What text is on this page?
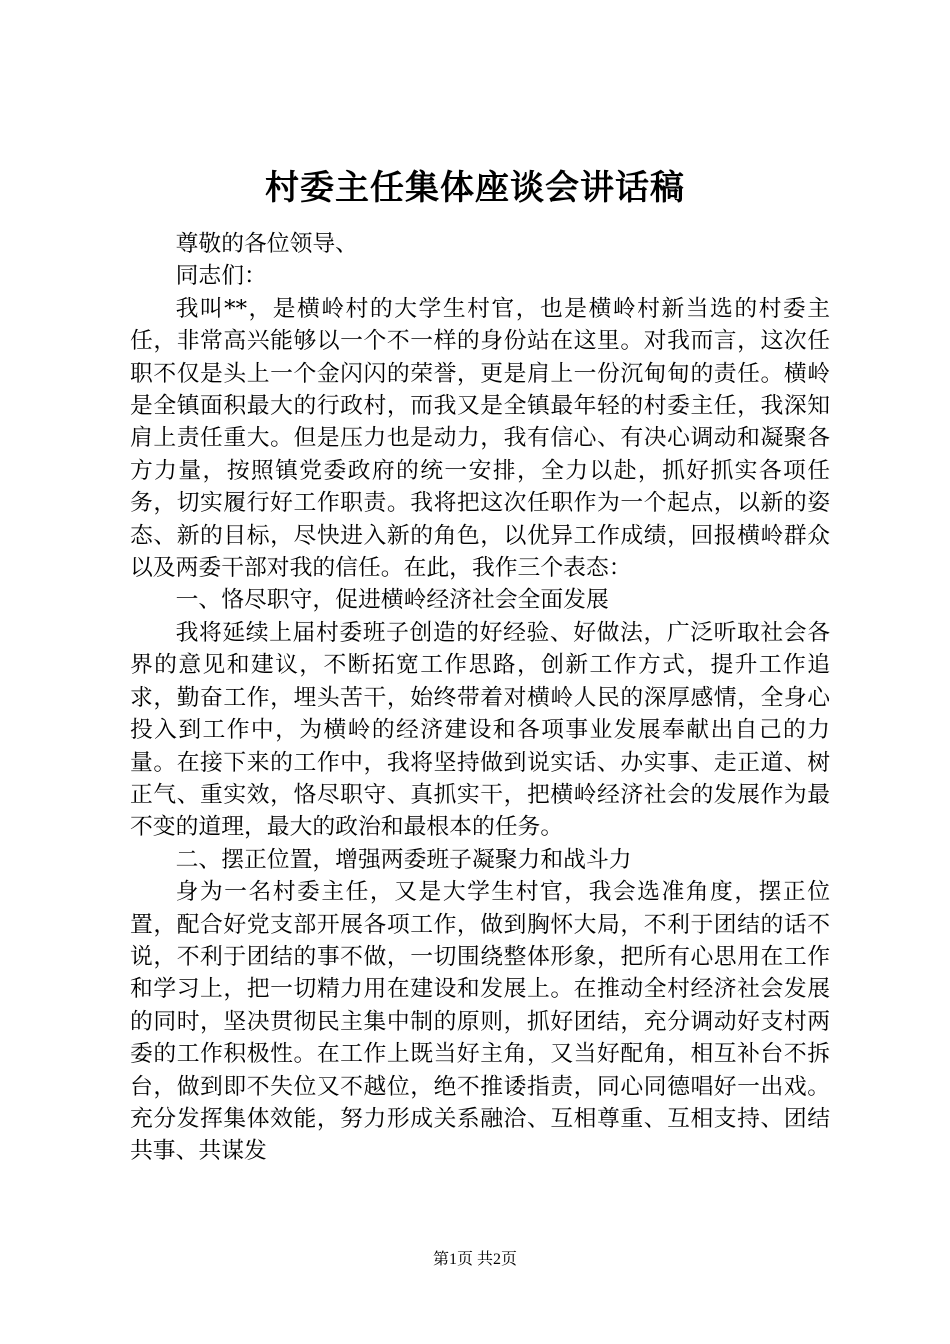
村委主任集体座谈会讲话稿

尊敬的各位领导、

同志们：

我叫**，是横岭村的大学生村官，也是横岭村新当选的村委主任，非常高兴能够以一个不一样的身份站在这里。对我而言，这次任职不仅是头上一个金闪闪的荣誉，更是肩上一份沉甸甸的责任。横岭是全镇面积最大的行政村，而我又是全镇最年轻的村委主任，我深知肩上责任重大。但是压力也是动力，我有信心、有决心调动和凝聚各方力量，按照镇党委政府的统一安排，全力以赴，抓好抓实各项任务，切实履行好工作职责。我将把这次任职作为一个起点，以新的姿态、新的目标，尽快进入新的角色，以优异工作成绩，回报横岭群众以及两委干部对我的信任。在此，我作三个表态：

一、恪尽职守，促进横岭经济社会全面发展

我将延续上届村委班子创造的好经验、好做法，广泛听取社会各界的意见和建议，不断拓宽工作思路，创新工作方式，提升工作追求，勤奋工作，埋头苦干，始终带着对横岭人民的深厚感情，全身心投入到工作中，为横岭的经济建设和各项事业发展奉献出自己的力量。在接下来的工作中，我将坚持做到说实话、办实事、走正道、树正气、重实效，恪尽职守、真抓实干，把横岭经济社会的发展作为最不变的道理，最大的政治和最根本的任务。

二、摆正位置，增强两委班子凝聚力和战斗力

身为一名村委主任，又是大学生村官，我会选准角度，摆正位置，配合好党支部开展各项工作，做到胸怀大局，不利于团结的话不说，不利于团结的事不做，一切围绕整体形象，把所有心思用在工作和学习上，把一切精力用在建设和发展上。在推动全村经济社会发展的同时，坚决贯彻民主集中制的原则，抓好团结，充分调动好支村两委的工作积极性。在工作上既当好主角，又当好配角，相互补台不拆台，做到即不失位又不越位，绝不推诿指责，同心同德唱好一出戏。充分发挥集体效能，努力形成关系融洽、互相尊重、互相支持、团结共事、共谋发

第1页 共2页
